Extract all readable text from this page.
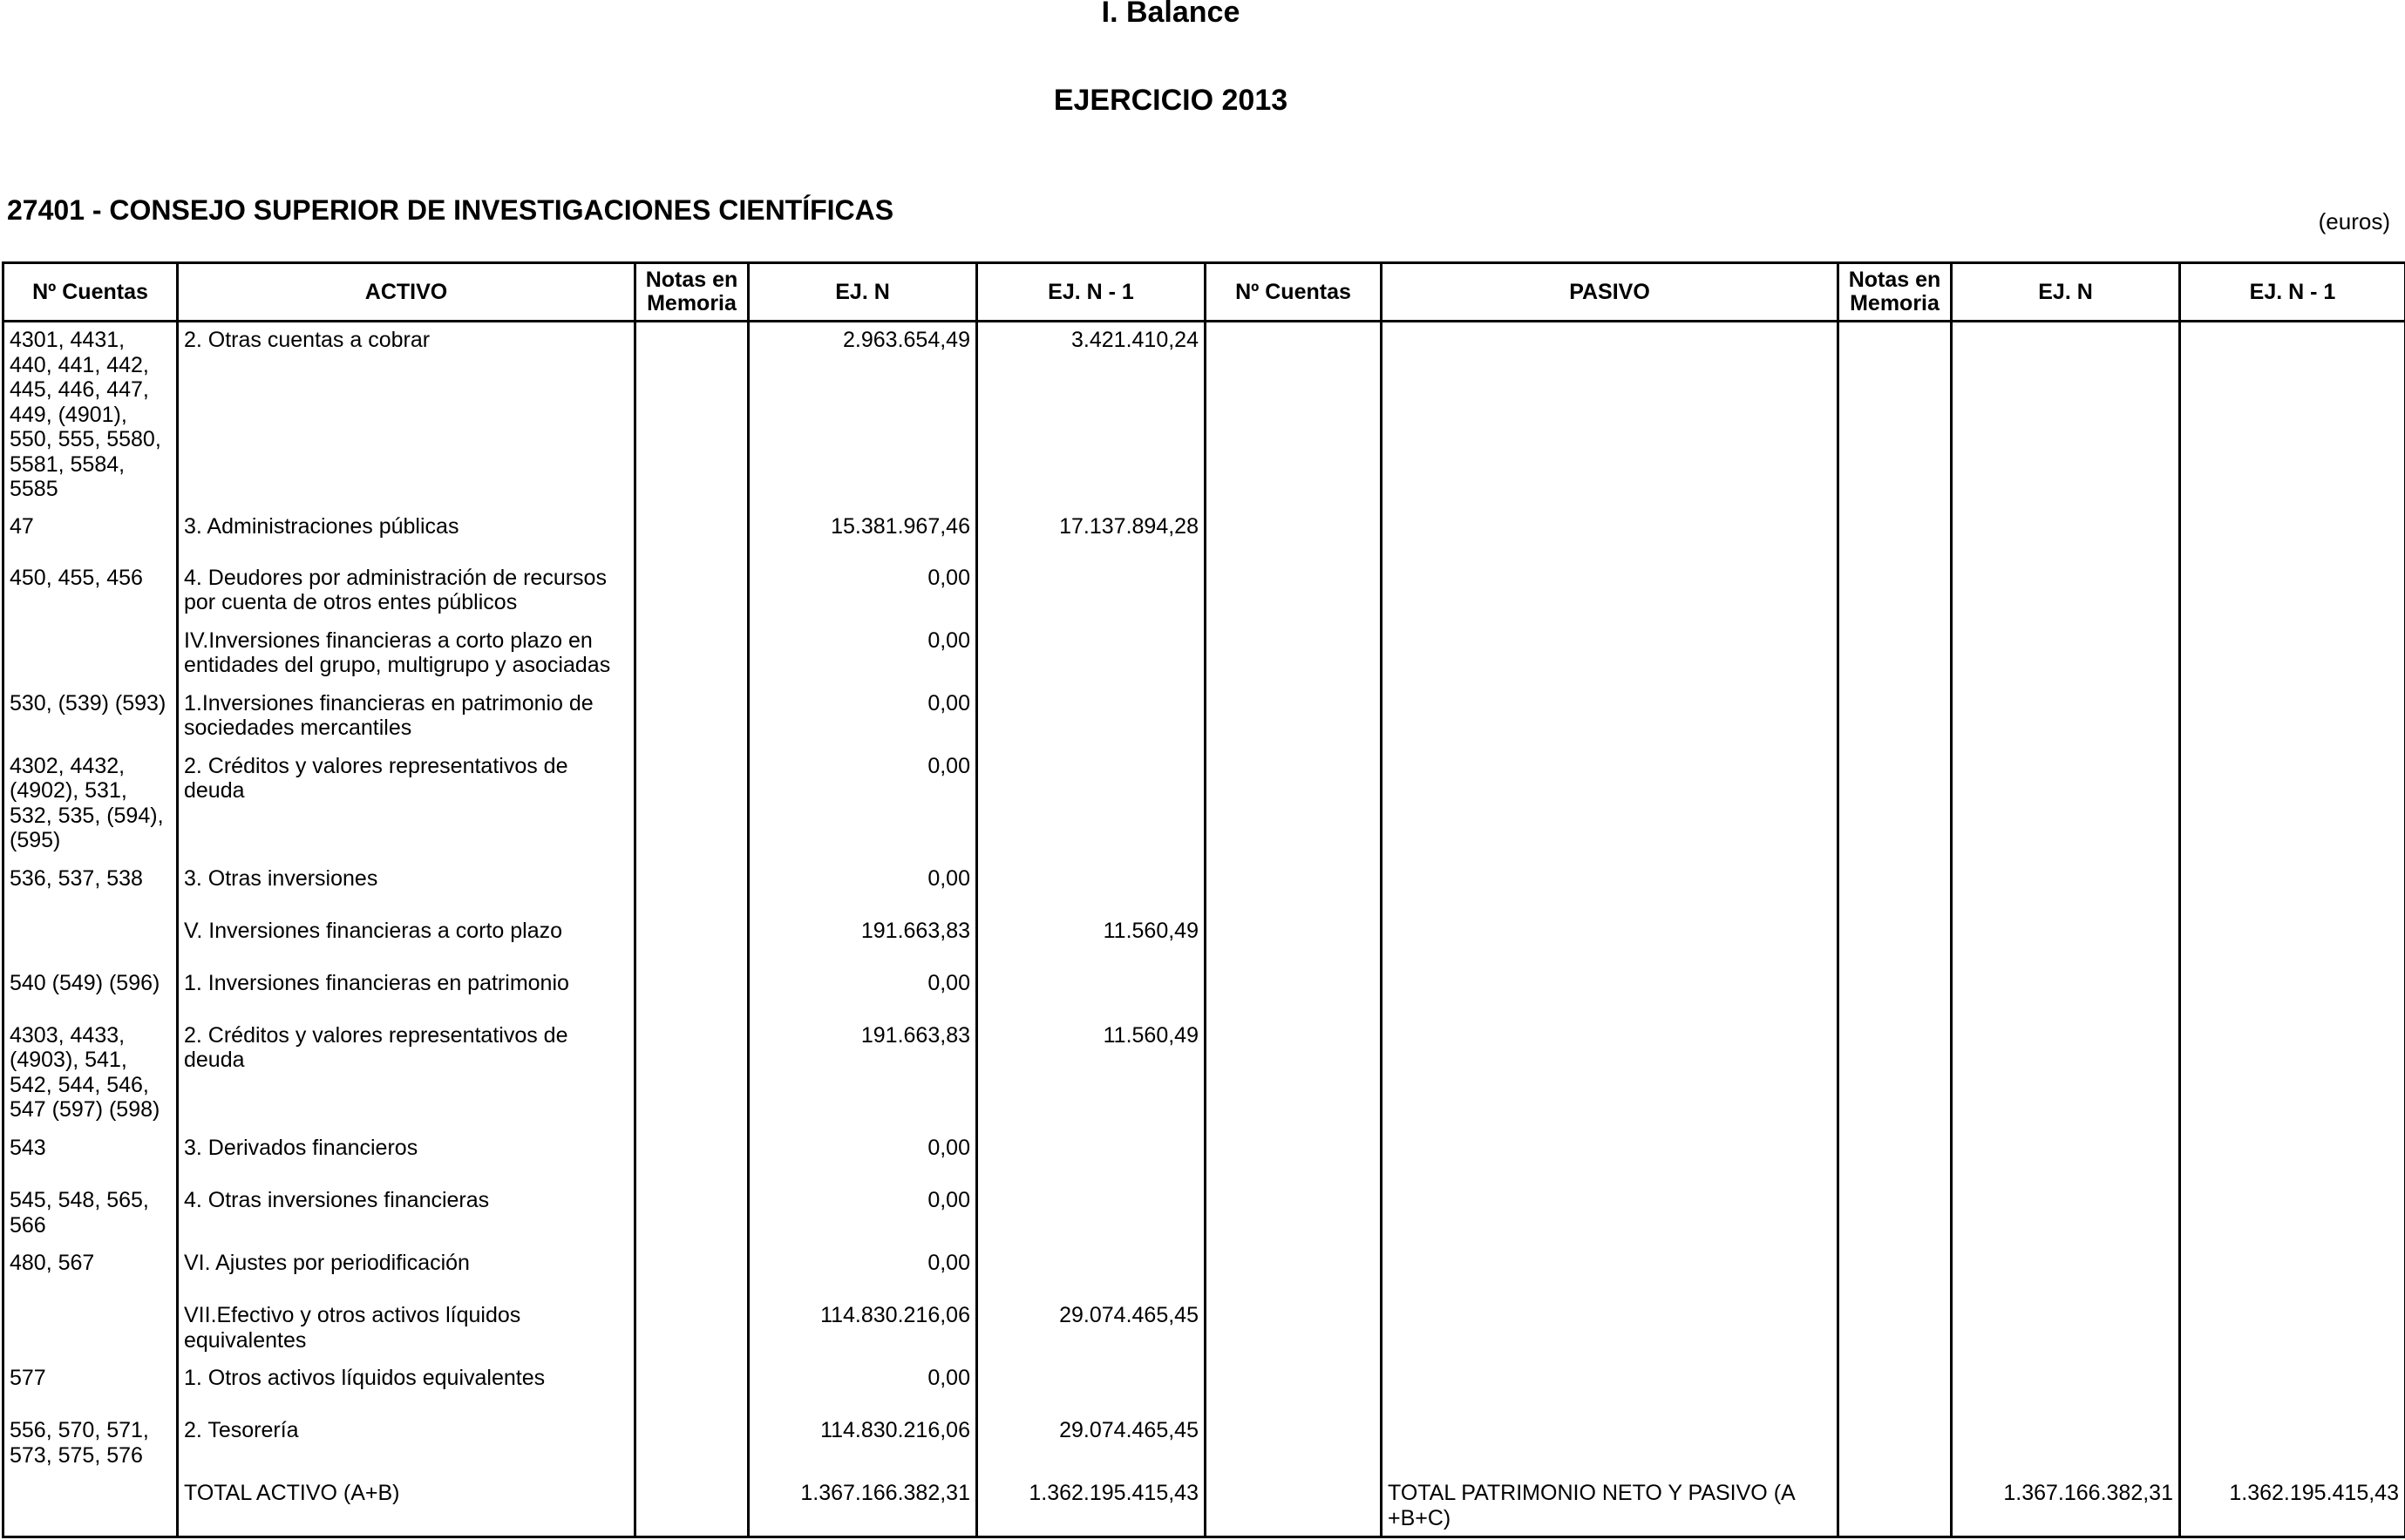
I. Balance
EJERCICIO 2013
27401 - CONSEJO SUPERIOR DE INVESTIGACIONES CIENTÍFICAS	(euros)
Nº Cuentas	ACTIVO	Notas en Memoria	EJ. N	EJ. N - 1	Nº Cuentas	PASIVO	Notas en Memoria	EJ. N	EJ. N - 1
4301, 4431, 440, 441, 442, 445, 446, 447, 449, (4901), 550, 555, 5580, 5581, 5584, 5585	2. Otras cuentas a cobrar		2.963.654,49	3.421.410,24					
47	3. Administraciones públicas		15.381.967,46	17.137.894,28					
450, 455, 456	4. Deudores por administración de recursos por cuenta de otros entes públicos		0,00						
	IV.Inversiones financieras a corto plazo en entidades del grupo, multigrupo y asociadas		0,00						
530, (539) (593)	1.Inversiones financieras en patrimonio de sociedades mercantiles		0,00						
4302, 4432, (4902), 531, 532, 535, (594), (595)	2. Créditos y valores representativos de deuda		0,00						
536, 537, 538	3. Otras inversiones		0,00						
	V. Inversiones financieras a corto plazo		191.663,83	11.560,49					
540 (549) (596)	1. Inversiones financieras en patrimonio		0,00						
4303, 4433, (4903), 541, 542, 544, 546, 547 (597) (598)	2. Créditos y valores representativos de deuda		191.663,83	11.560,49					
543	3. Derivados financieros		0,00						
545, 548, 565, 566	4. Otras inversiones financieras		0,00						
480, 567	VI. Ajustes por periodificación		0,00						
	VII.Efectivo y otros activos líquidos equivalentes		114.830.216,06	29.074.465,45					
577	1. Otros activos líquidos equivalentes		0,00						
556, 570, 571, 573, 575, 576	2. Tesorería		114.830.216,06	29.074.465,45					
	TOTAL ACTIVO (A+B)		1.367.166.382,31	1.362.195.415,43		TOTAL PATRIMONIO NETO Y PASIVO (A +B+C)		1.367.166.382,31	1.362.195.415,43
